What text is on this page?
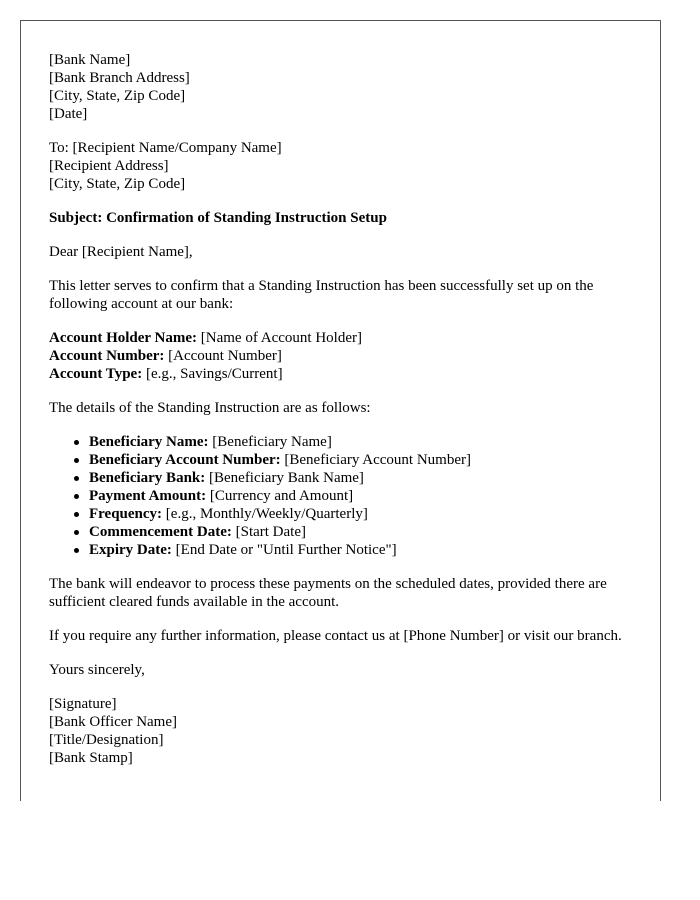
[Bank Name]
[Bank Branch Address]
[City, State, Zip Code]
[Date]
To: [Recipient Name/Company Name]
[Recipient Address]
[City, State, Zip Code]
Subject: Confirmation of Standing Instruction Setup
Dear [Recipient Name],
This letter serves to confirm that a Standing Instruction has been successfully set up on the following account at our bank:
Account Holder Name: [Name of Account Holder]
Account Number: [Account Number]
Account Type: [e.g., Savings/Current]
The details of the Standing Instruction are as follows:
Beneficiary Name: [Beneficiary Name]
Beneficiary Account Number: [Beneficiary Account Number]
Beneficiary Bank: [Beneficiary Bank Name]
Payment Amount: [Currency and Amount]
Frequency: [e.g., Monthly/Weekly/Quarterly]
Commencement Date: [Start Date]
Expiry Date: [End Date or "Until Further Notice"]
The bank will endeavor to process these payments on the scheduled dates, provided there are sufficient cleared funds available in the account.
If you require any further information, please contact us at [Phone Number] or visit our branch.
Yours sincerely,
[Signature]
[Bank Officer Name]
[Title/Designation]
[Bank Stamp]
